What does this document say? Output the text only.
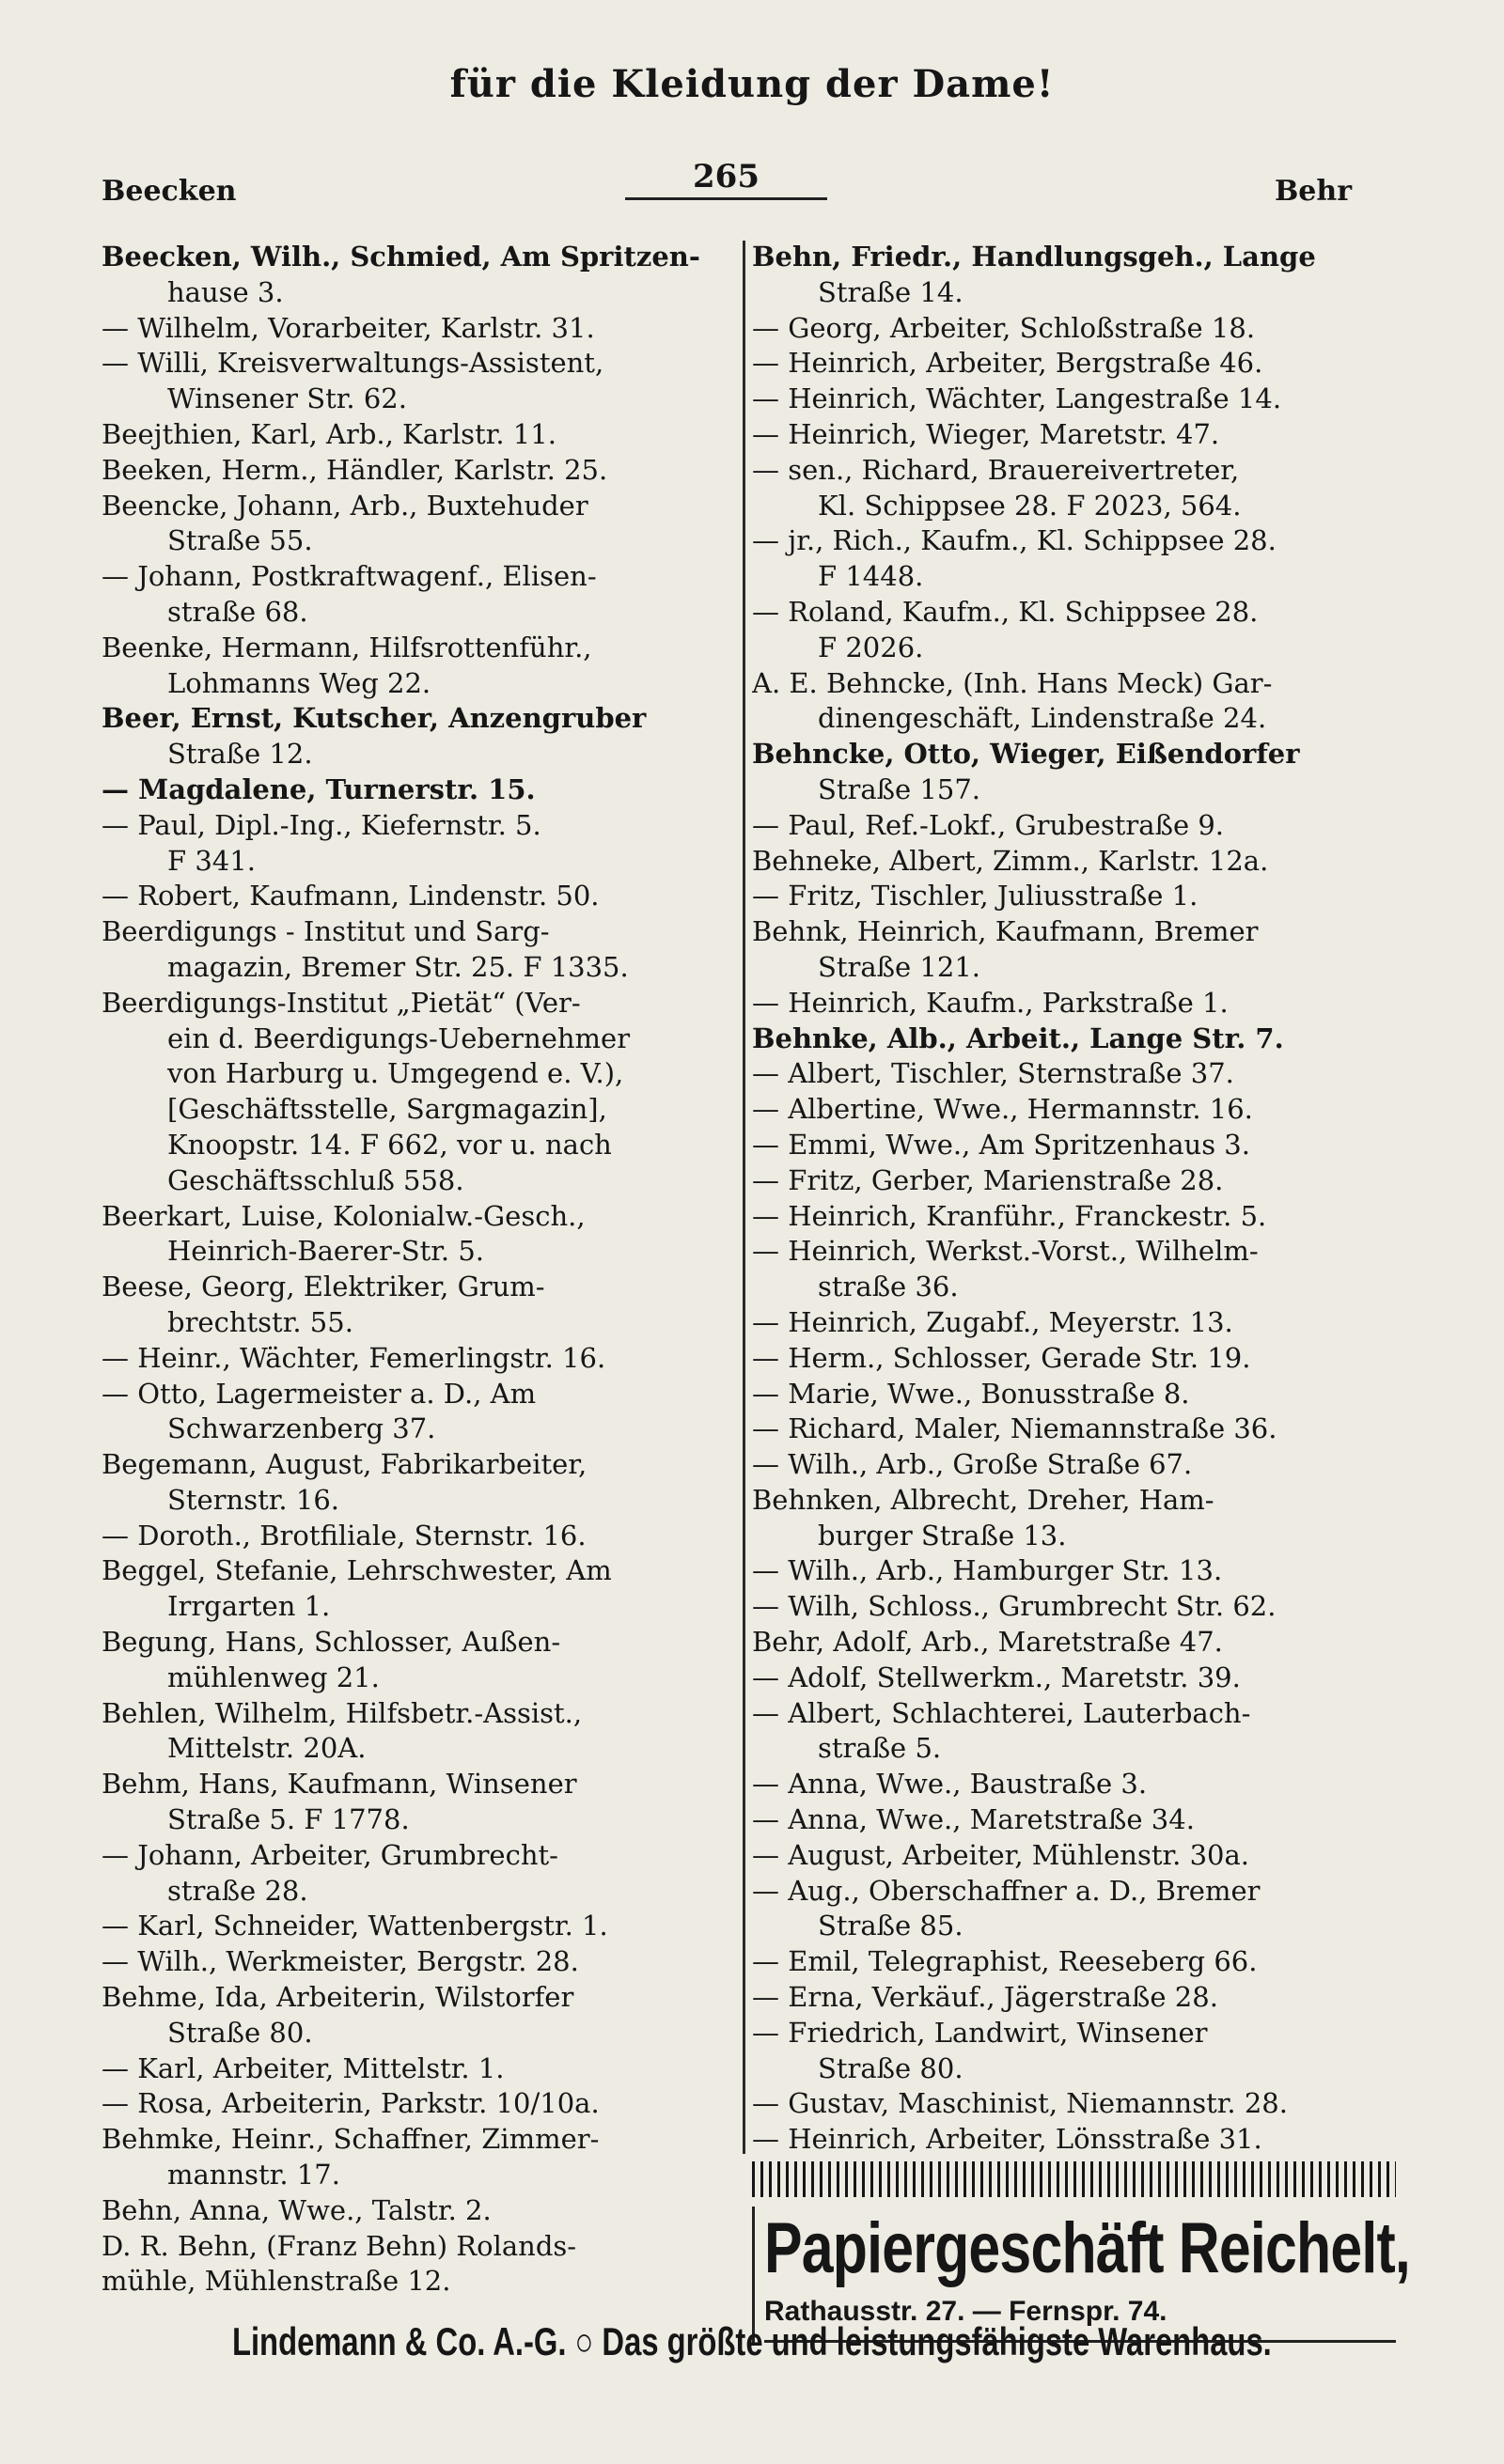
für die Kleidung der Dame!
Beecken	265	Behr
Beecken, Wilh., Schmied, Am Spritzen-
hause 3.
— Wilhelm, Vorarbeiter, Karlstr. 31.
— Willi, Kreisverwaltungs-Assistent,
Winsener Str. 62.
Beejthien, Karl, Arb., Karlstr. 11.
Beeken, Herm., Händler, Karlstr. 25.
Beencke, Johann, Arb., Buxtehuder
Straße 55.
— Johann, Postkraftwagenf., Elisen-
straße 68.
Beenke, Hermann, Hilfsrottenführ.,
Lohmanns Weg 22.
Beer, Ernst, Kutscher, Anzengruber
Straße 12.
— Magdalene, Turnerstr. 15.
— Paul, Dipl.-Ing., Kiefernstr. 5.
F 341.
— Robert, Kaufmann, Lindenstr. 50.
Beerdigungs - Institut und Sarg-
magazin, Bremer Str. 25. F 1335.
Beerdigungs-Institut „Pietät“ (Ver-
ein d. Beerdigungs-Uebernehmer
von Harburg u. Umgegend e. V.),
[Geschäftsstelle, Sargmagazin],
Knoopstr. 14. F 662, vor u. nach
Geschäftsschluß 558.
Beerkart, Luise, Kolonialw.-Gesch.,
Heinrich-Baerer-Str. 5.
Beese, Georg, Elektriker, Grum-
brechtstr. 55.
— Heinr., Wächter, Femerlingstr. 16.
— Otto, Lagermeister a. D., Am
Schwarzenberg 37.
Begemann, August, Fabrikarbeiter,
Sternstr. 16.
— Doroth., Brotfiliale, Sternstr. 16.
Beggel, Stefanie, Lehrschwester, Am
Irrgarten 1.
Begung, Hans, Schlosser, Außen-
mühlenweg 21.
Behlen, Wilhelm, Hilfsbetr.-Assist.,
Mittelstr. 20A.
Behm, Hans, Kaufmann, Winsener
Straße 5. F 1778.
— Johann, Arbeiter, Grumbrecht-
straße 28.
— Karl, Schneider, Wattenbergstr. 1.
— Wilh., Werkmeister, Bergstr. 28.
Behme, Ida, Arbeiterin, Wilstorfer
Straße 80.
— Karl, Arbeiter, Mittelstr. 1.
— Rosa, Arbeiterin, Parkstr. 10/10a.
Behmke, Heinr., Schaffner, Zimmer-
mannstr. 17.
Behn, Anna, Wwe., Talstr. 2.
D. R. Behn, (Franz Behn) Rolands-
mühle, Mühlenstraße 12.
Behn, Friedr., Handlungsgeh., Lange
Straße 14.
— Georg, Arbeiter, Schloßstraße 18.
— Heinrich, Arbeiter, Bergstraße 46.
— Heinrich, Wächter, Langestraße 14.
— Heinrich, Wieger, Maretstr. 47.
— sen., Richard, Brauereivertreter,
Kl. Schippsee 28. F 2023, 564.
— jr., Rich., Kaufm., Kl. Schippsee 28.
F 1448.
— Roland, Kaufm., Kl. Schippsee 28.
F 2026.
A. E. Behncke, (Inh. Hans Meck) Gar-
dinengeschäft, Lindenstraße 24.
Behncke, Otto, Wieger, Eißendorfer
Straße 157.
— Paul, Ref.-Lokf., Grubestraße 9.
Behneke, Albert, Zimm., Karlstr. 12a.
— Fritz, Tischler, Juliusstraße 1.
Behnk, Heinrich, Kaufmann, Bremer
Straße 121.
— Heinrich, Kaufm., Parkstraße 1.
Behnke, Alb., Arbeit., Lange Str. 7.
— Albert, Tischler, Sternstraße 37.
— Albertine, Wwe., Hermannstr. 16.
— Emmi, Wwe., Am Spritzenhaus 3.
— Fritz, Gerber, Marienstraße 28.
— Heinrich, Kranführ., Franckestr. 5.
— Heinrich, Werkst.-Vorst., Wilhelm-
straße 36.
— Heinrich, Zugabf., Meyerstr. 13.
— Herm., Schlosser, Gerade Str. 19.
— Marie, Wwe., Bonusstraße 8.
— Richard, Maler, Niemannstraße 36.
— Wilh., Arb., Große Straße 67.
Behnken, Albrecht, Dreher, Ham-
burger Straße 13.
— Wilh., Arb., Hamburger Str. 13.
— Wilh, Schloss., Grumbrecht Str. 62.
Behr, Adolf, Arb., Maretstraße 47.
— Adolf, Stellwerkm., Maretstr. 39.
— Albert, Schlachterei, Lauterbach-
straße 5.
— Anna, Wwe., Baustraße 3.
— Anna, Wwe., Maretstraße 34.
— August, Arbeiter, Mühlenstr. 30a.
— Aug., Oberschaffner a. D., Bremer
Straße 85.
— Emil, Telegraphist, Reeseberg 66.
— Erna, Verkäuf., Jägerstraße 28.
— Friedrich, Landwirt, Winsener
Straße 80.
— Gustav, Maschinist, Niemannstr. 28.
— Heinrich, Arbeiter, Lönsstraße 31.
Papiergeschäft Reichelt,
Rathausstr. 27. — Fernspr. 74.
Lindemann & Co. A.-G. ○ Das größte und leistungsfähigste Warenhaus.
